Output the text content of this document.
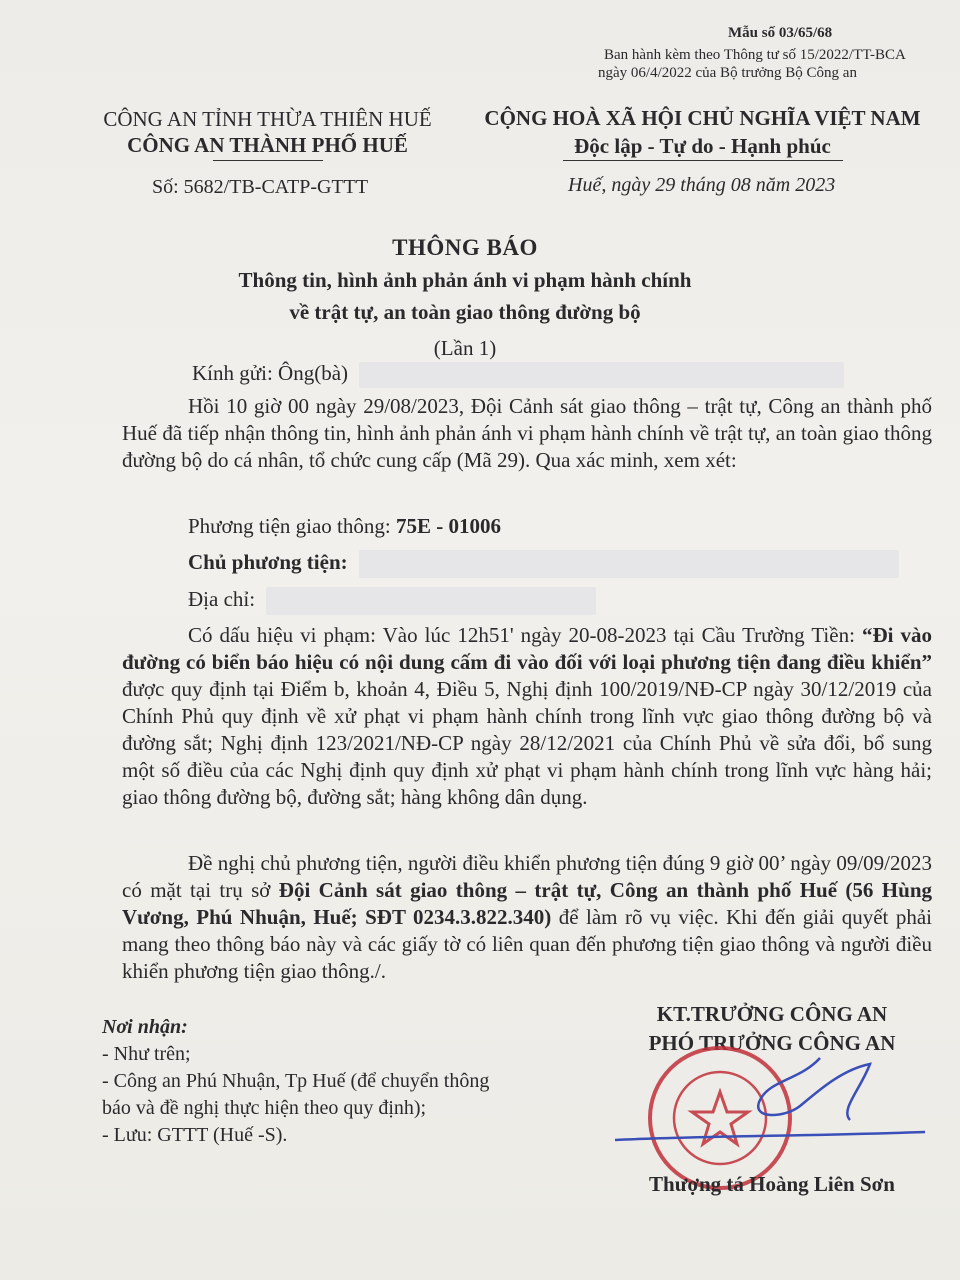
Mẫu số 03/65/68
Ban hành kèm theo Thông tư số 15/2022/TT-BCA
ngày 06/4/2022 của Bộ trưởng Bộ Công an
CÔNG AN TỈNH THỪA THIÊN HUẾ
CÔNG AN THÀNH PHỐ HUẾ
CỘNG HOÀ XÃ HỘI CHỦ NGHĨA VIỆT NAM
Độc lập - Tự do - Hạnh phúc
Số: 5682/TB-CATP-GTTT	Huế, ngày 29 tháng 08 năm 2023
THÔNG BÁO
Thông tin, hình ảnh phản ánh vi phạm hành chính
về trật tự, an toàn giao thông đường bộ
(Lần 1)
Kính gửi: Ông(bà)
Hồi 10 giờ 00 ngày 29/08/2023, Đội Cảnh sát giao thông – trật tự, Công an thành phố Huế đã tiếp nhận thông tin, hình ảnh phản ánh vi phạm hành chính về trật tự, an toàn giao thông đường bộ do cá nhân, tổ chức cung cấp (Mã 29). Qua xác minh, xem xét:
Phương tiện giao thông: 75E - 01006
Chủ phương tiện:
Địa chỉ:
Có dấu hiệu vi phạm: Vào lúc 12h51' ngày 20-08-2023 tại Cầu Trường Tiền: “Đi vào đường có biển báo hiệu có nội dung cấm đi vào đối với loại phương tiện đang điều khiển” được quy định tại Điểm b, khoản 4, Điều 5, Nghị định 100/2019/NĐ-CP ngày 30/12/2019 của Chính Phủ quy định về xử phạt vi phạm hành chính trong lĩnh vực giao thông đường bộ và đường sắt; Nghị định 123/2021/NĐ-CP ngày 28/12/2021 của Chính Phủ về sửa đổi, bổ sung một số điều của các Nghị định quy định xử phạt vi phạm hành chính trong lĩnh vực hàng hải; giao thông đường bộ, đường sắt; hàng không dân dụng.
Đề nghị chủ phương tiện, người điều khiển phương tiện đúng 9 giờ 00’ ngày 09/09/2023 có mặt tại trụ sở Đội Cảnh sát giao thông – trật tự, Công an thành phố Huế (56 Hùng Vương, Phú Nhuận, Huế; SĐT 0234.3.822.340) để làm rõ vụ việc. Khi đến giải quyết phải mang theo thông báo này và các giấy tờ có liên quan đến phương tiện giao thông và người điều khiển phương tiện giao thông./.
Nơi nhận:
- Như trên;
- Công an Phú Nhuận, Tp Huế (để chuyển thông
báo và đề nghị thực hiện theo quy định);
- Lưu: GTTT (Huế -S).
KT.TRƯỞNG CÔNG AN
PHÓ TRƯỞNG CÔNG AN
Thượng tá Hoàng Liên Sơn
